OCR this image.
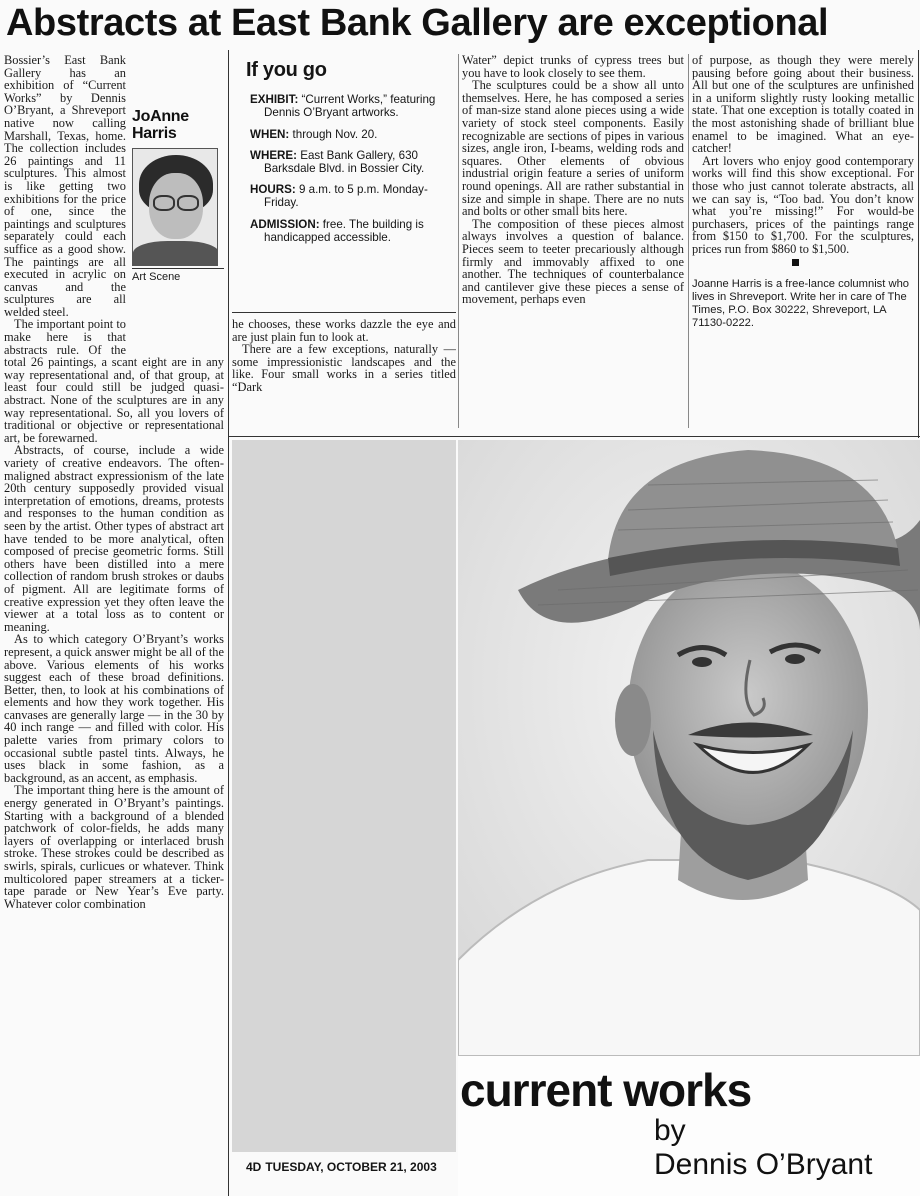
Abstracts at East Bank Gallery are exceptional
JoAnne
Harris
Art Scene

Bossier’s East Bank Gallery has an exhibition of “Current Works” by Dennis O’Bryant, a Shreveport native now calling Marshall, Texas, home. The collection includes 26 paintings and 11 sculptures. This almost is like getting two exhibitions for the price of one, since the paintings and sculptures separately could each suffice as a good show. The paintings are all executed in acrylic on canvas and the sculptures are all welded steel.

The important point to make here is that abstracts rule. Of the total 26 paintings, a scant eight are in any way representational and, of that group, at least four could still be judged quasi-abstract. None of the sculptures are in any way representational. So, all you lovers of traditional or objective or representational art, be forewarned.

Abstracts, of course, include a wide variety of creative endeavors. The often-maligned abstract expressionism of the late 20th century supposedly provided visual interpretation of emotions, dreams, protests and responses to the human condition as seen by the artist. Other types of abstract art have tended to be more analytical, often composed of precise geometric forms. Still others have been distilled into a mere collection of random brush strokes or daubs of pigment. All are legitimate forms of creative expression yet they often leave the viewer at a total loss as to content or meaning.

As to which category O’Bryant’s works represent, a quick answer might be all of the above. Various elements of his works suggest each of these broad definitions. Better, then, to look at his combinations of elements and how they work together. His canvases are generally large — in the 30 by 40 inch range — and filled with color. His palette varies from primary colors to occasional subtle pastel tints. Always, he uses black in some fashion, as a background, as an accent, as emphasis.

The important thing here is the amount of energy generated in O’Bryant’s paintings. Starting with a background of a blended patchwork of color-fields, he adds many layers of overlapping or interlaced brush stroke. These strokes could be described as swirls, spirals, curlicues or whatever. Think multicolored paper streamers at a ticker-tape parade or New Year’s Eve party. Whatever color combination

If you go
EXHIBIT: “Current Works,” featuring Dennis O’Bryant artworks.
WHEN: through Nov. 20.
WHERE: East Bank Gallery, 630 Barksdale Blvd. in Bossier City.
HOURS: 9 a.m. to 5 p.m. Monday-Friday.
ADMISSION: free. The building is handicapped accessible.

he chooses, these works dazzle the eye and are just plain fun to look at.

There are a few exceptions, naturally — some impressionistic landscapes and the like. Four small works in a series titled “Dark

Water” depict trunks of cypress trees but you have to look closely to see them.

The sculptures could be a show all unto themselves. Here, he has composed a series of man-size stand alone pieces using a wide variety of stock steel components. Easily recognizable are sections of pipes in various sizes, angle iron, I-beams, welding rods and squares. Other elements of obvious industrial origin feature a series of uniform round openings. All are rather substantial in size and simple in shape. There are no nuts and bolts or other small bits here.

The composition of these pieces almost always involves a question of balance. Pieces seem to teeter precariously although firmly and immovably affixed to one another. The techniques of counterbalance and cantilever give these pieces a sense of movement, perhaps even

of purpose, as though they were merely pausing before going about their business. All but one of the sculptures are unfinished in a uniform slightly rusty looking metallic state. That one exception is totally coated in the most astonishing shade of brilliant blue enamel to be imagined. What an eye-catcher!

Art lovers who enjoy good contemporary works will find this show exceptional. For those who just cannot tolerate abstracts, all we can say is, “Too bad. You don’t know what you’re missing!” For would-be purchasers, prices of the paintings range from $150 to $1,700. For the sculptures, prices run from $860 to $1,500.

Joanne Harris is a free-lance columnist who lives in Shreveport. Write her in care of The Times, P.O. Box 30222, Shreveport, LA 71130-0222.
4D TUESDAY, OCTOBER 21, 2003
current works
by
Dennis O’Bryant
